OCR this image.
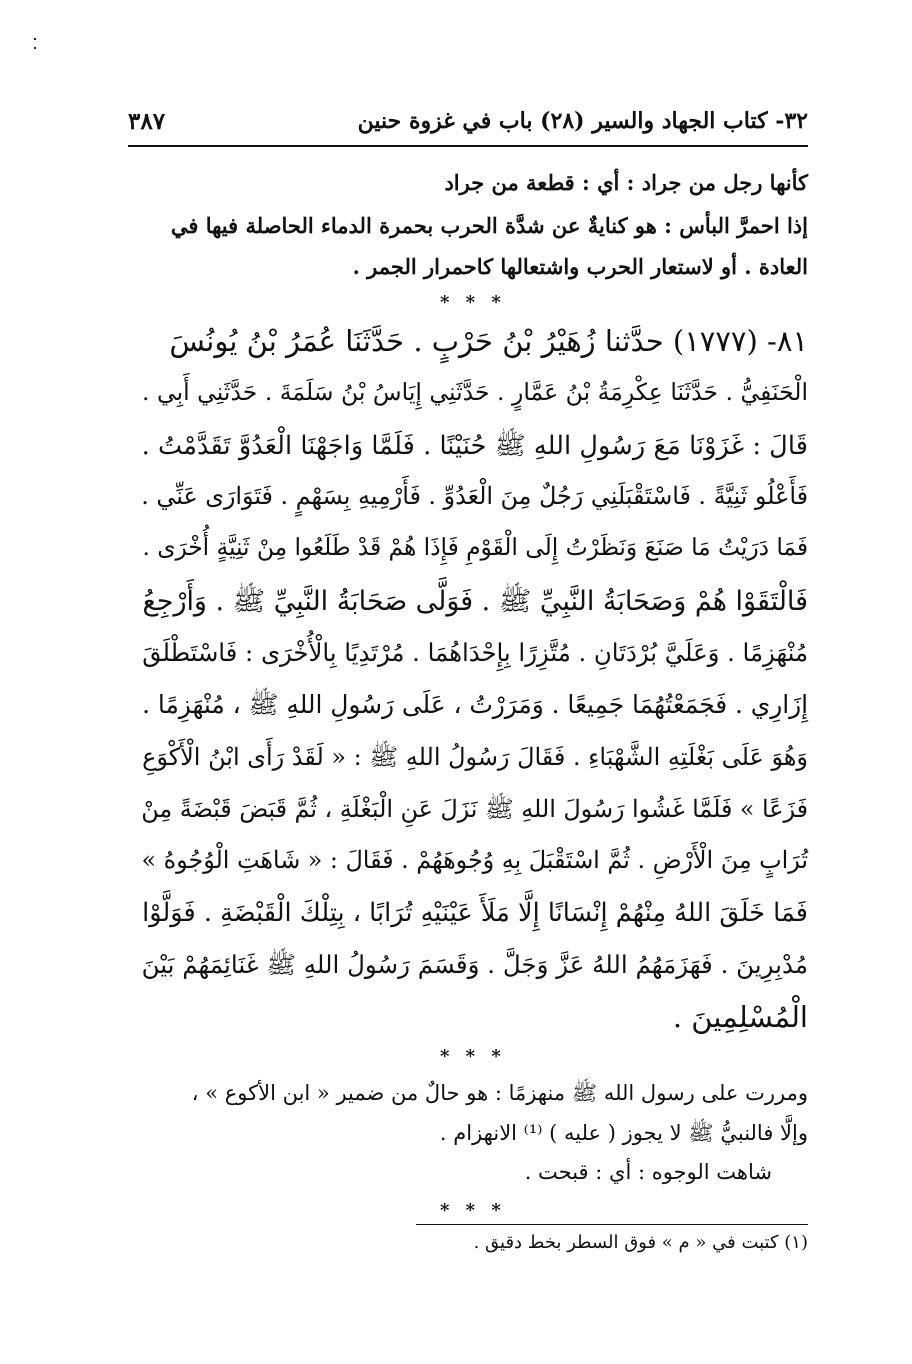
٣٢- كتاب الجهاد والسير (٢٨) باب في غزوة حنين
٣٨٧
كأنها رجل من جراد : أي : قطعة من جراد
إذا احمرَّ البأس : هو كنايةٌ عن شدَّة الحرب بحمرة الدماء الحاصلة فيها في
العادة . أو لاستعار الحرب واشتعالها كاحمرار الجمر .
* * *
٨١- (١٧٧٧) حدَّثنا زُهَيْرُ بْنُ حَرْبٍ . حَدَّثَنَا عُمَرُ بْنُ يُونُسَ
الْحَنَفِيُّ . حَدَّثَنَا عِكْرِمَةُ بْنُ عَمَّارٍ . حَدَّثَنِي إِيَاسُ بْنُ سَلَمَةَ . حَدَّثَنِي أَبِي .
قَالَ : غَزَوْنَا مَعَ رَسُولِ اللهِ ﷺ حُنَيْنًا . فَلَمَّا وَاجَهْنَا الْعَدُوَّ تَقَدَّمْتُ .
فَأَعْلُو ثَنِيَّةً . فَاسْتَقْبَلَنِي رَجُلٌ مِنَ الْعَدُوِّ . فَأَرْمِيهِ بِسَهْمٍ . فَتَوَارَى عَنِّي .
فَمَا دَرَيْتُ مَا صَنَعَ وَنَظَرْتُ إِلَى الْقَوْمِ فَإِذَا هُمْ قَدْ طَلَعُوا مِنْ ثَنِيَّةٍ أُخْرَى .
فَالْتَقَوْا هُمْ وَصَحَابَةُ النَّبِيِّ ﷺ . فَوَلَّى صَحَابَةُ النَّبِيِّ ﷺ . وَأَرْجِعُ
مُنْهَزِمًا . وَعَلَيَّ بُرْدَتَانِ . مُتَّزِرًا بِإِحْدَاهُمَا . مُرْتَدِيًا بِالْأُخْرَى : فَاسْتَطْلَقَ
إِزَارِي . فَجَمَعْتُهُمَا جَمِيعًا . وَمَرَرْتُ ، عَلَى رَسُولِ اللهِ ﷺ ، مُنْهَزِمًا .
وَهُوَ عَلَى بَغْلَتِهِ الشَّهْبَاءِ . فَقَالَ رَسُولُ اللهِ ﷺ : « لَقَدْ رَأَى ابْنُ الْأَكْوَعِ
فَزَعًا » فَلَمَّا غَشُوا رَسُولَ اللهِ ﷺ نَزَلَ عَنِ الْبَغْلَةِ ، ثُمَّ قَبَضَ قَبْضَةً مِنْ
تُرَابٍ مِنَ الْأَرْضِ . ثُمَّ اسْتَقْبَلَ بِهِ وُجُوهَهُمْ . فَقَالَ : « شَاهَتِ الْوُجُوهُ »
فَمَا خَلَقَ اللهُ مِنْهُمْ إِنْسَانًا إِلَّا مَلَأَ عَيْنَيْهِ تُرَابًا ، بِتِلْكَ الْقَبْضَةِ . فَوَلَّوْا
مُدْبِرِينَ . فَهَزَمَهُمُ اللهُ عَزَّ وَجَلَّ . وَقَسَمَ رَسُولُ اللهِ ﷺ غَنَائِمَهُمْ بَيْنَ
الْمُسْلِمِينَ .
* * *
ومررت على رسول الله ﷺ منهزمًا : هو حالٌ من ضمير « ابن الأكوع » ،
وإلَّا فالنبيُّ ﷺ لا يجوز ( عليه ) ⁽¹⁾ الانهزام .
شاهت الوجوه : أي : قبحت .
* * *
(١) كتبت في « م » فوق السطر بخط دقيق .
